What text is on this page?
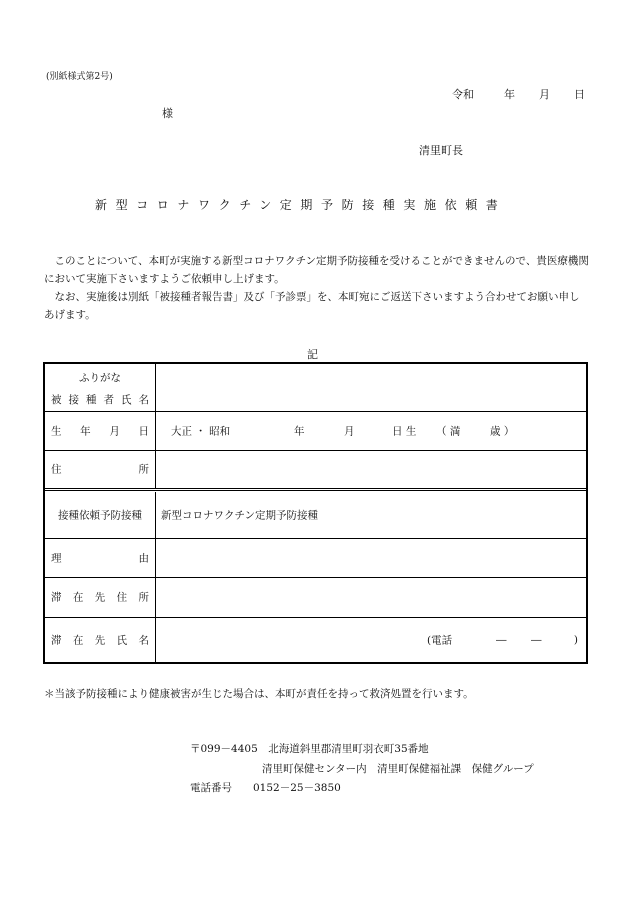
(別紙様式第2号)
令和	年 月 日
様
清里町長
新型コロナワクチン定期予防接種実施依頼書
このことについて、本町が実施する新型コロナワクチン定期予防接種を受けることができませんので、貴医療機関において実施下さいますようご依頼申し上げます。
なお、実施後は別紙「被接種者報告書」及び「予診票」を、本町宛にご返送下さいますよう合わせてお願い申しあげます。
記
ふりがな
被 接 種 者 氏 名
生 年 月 日 大正 ・ 昭和	年	月	日 生 （ 満	歳 ）
住	所
接種依頼予防接種	新型コロナワクチン定期予防接種
理	由
滞 在 先 住 所
滞 在 先 氏 名	(電話	― ―	)
＊当該予防接種により健康被害が生じた場合は、本町が責任を持って救済処置を行います。
〒099－4405　北海道斜里郡清里町羽衣町35番地
清里町保健センター内　清里町保健福祉課　保健グループ
電話番号　　0152－25－3850
